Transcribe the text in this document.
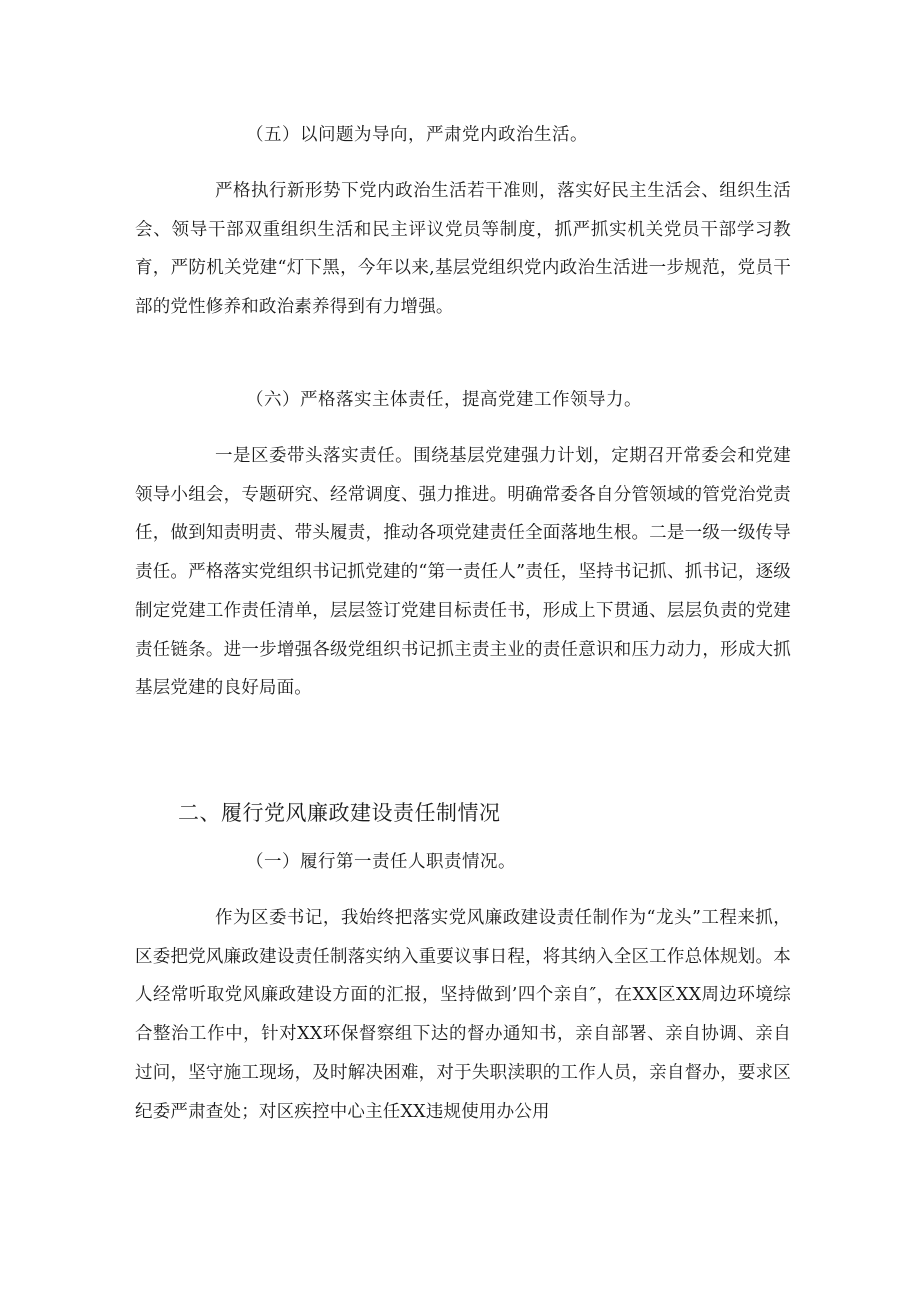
（五）以问题为导向，严肃党内政治生活。

严格执行新形势下党内政治生活若干准则，落实好民主生活会、组织生活会、领导干部双重组织生活和民主评议党员等制度，抓严抓实机关党员干部学习教育，严防机关党建“灯下黑，今年以来,基层党组织党内政治生活进一步规范，党员干部的党性修养和政治素养得到有力增强。

（六）严格落实主体责任，提高党建工作领导力。

一是区委带头落实责任。围绕基层党建强力计划，定期召开常委会和党建领导小组会，专题研究、经常调度、强力推进。明确常委各自分管领域的管党治党责任，做到知责明责、带头履责，推动各项党建责任全面落地生根。二是一级一级传导责任。严格落实党组织书记抓党建的“第一责任人”责任，坚持书记抓、抓书记，逐级制定党建工作责任清单，层层签订党建目标责任书，形成上下贯通、层层负责的党建责任链条。进一步增强各级党组织书记抓主责主业的责任意识和压力动力，形成大抓基层党建的良好局面。

二、履行党风廉政建设责任制情况

（一）履行第一责任人职责情况。

作为区委书记，我始终把落实党风廉政建设责任制作为“龙头”工程来抓，区委把党风廉政建设责任制落实纳入重要议事日程，将其纳入全区工作总体规划。本人经常听取党风廉政建设方面的汇报，坚持做到’四个亲自″，在XX区XX周边环境综合整治工作中，针对XX环保督察组下达的督办通知书，亲自部署、亲自协调、亲自过问，坚守施工现场，及时解决困难，对于失职渎职的工作人员，亲自督办，要求区纪委严肃查处；对区疾控中心主任XX违规使用办公用
